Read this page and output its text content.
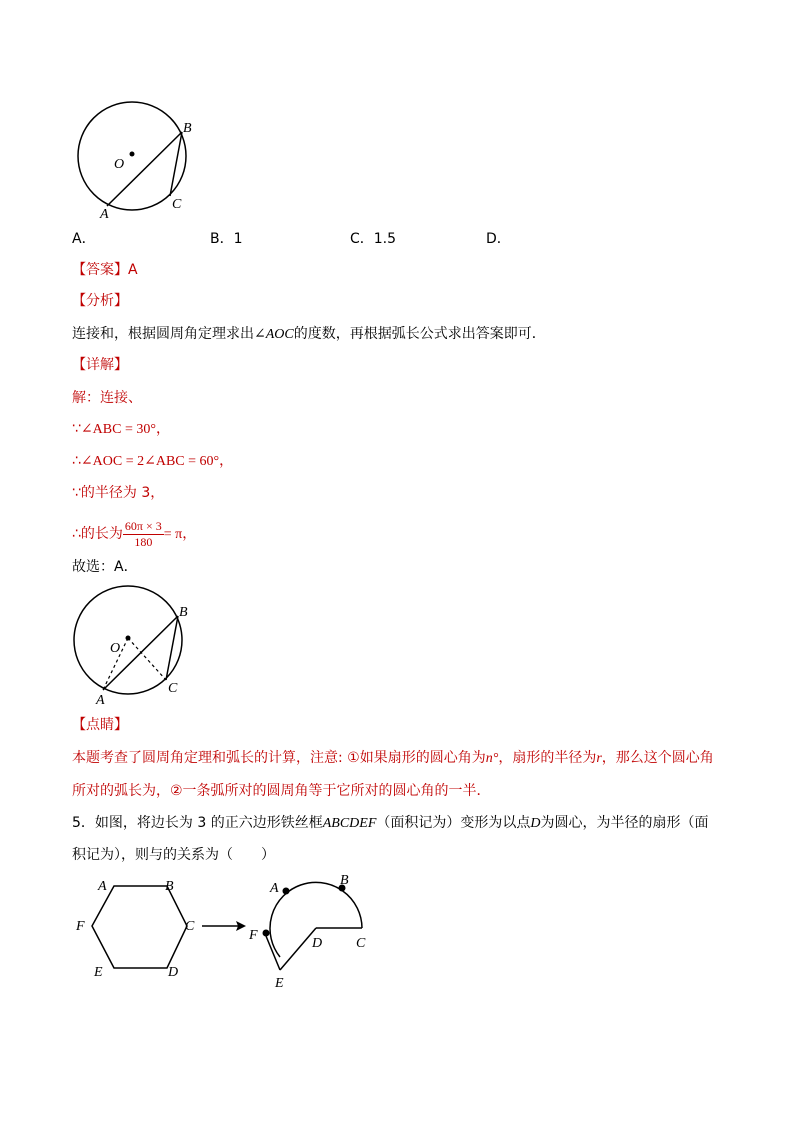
O
A
B
C
A．	B．1	C．1.5	D．
【答案】A
【分析】
连接和，根据圆周角定理求出∠AOC的度数，再根据弧长公式求出答案即可．
【详解】
解：连接、
∵∠ABC = 30°，
∴∠AOC = 2∠ABC = 60°，
∵的半径为 3，
∴的长为 $\frac{60\pi \times 3}{180} = \pi$，
故选：A．
O
A
B
C
【点睛】
本题考查了圆周角定理和弧长的计算，注意: ①如果扇形的圆心角为n°，扇形的半径为r，那么这个圆心角
所对的弧长为，②一条弧所对的圆周角等于它所对的圆心角的一半．
5．如图，将边长为 3 的正六边形铁丝框ABCDEF（面积记为）变形为以点D为圆心，为半径的扇形（面
积记为），则与的关系为（　　）
A	B
C
D
E
F
A
B
C
D
E
F
